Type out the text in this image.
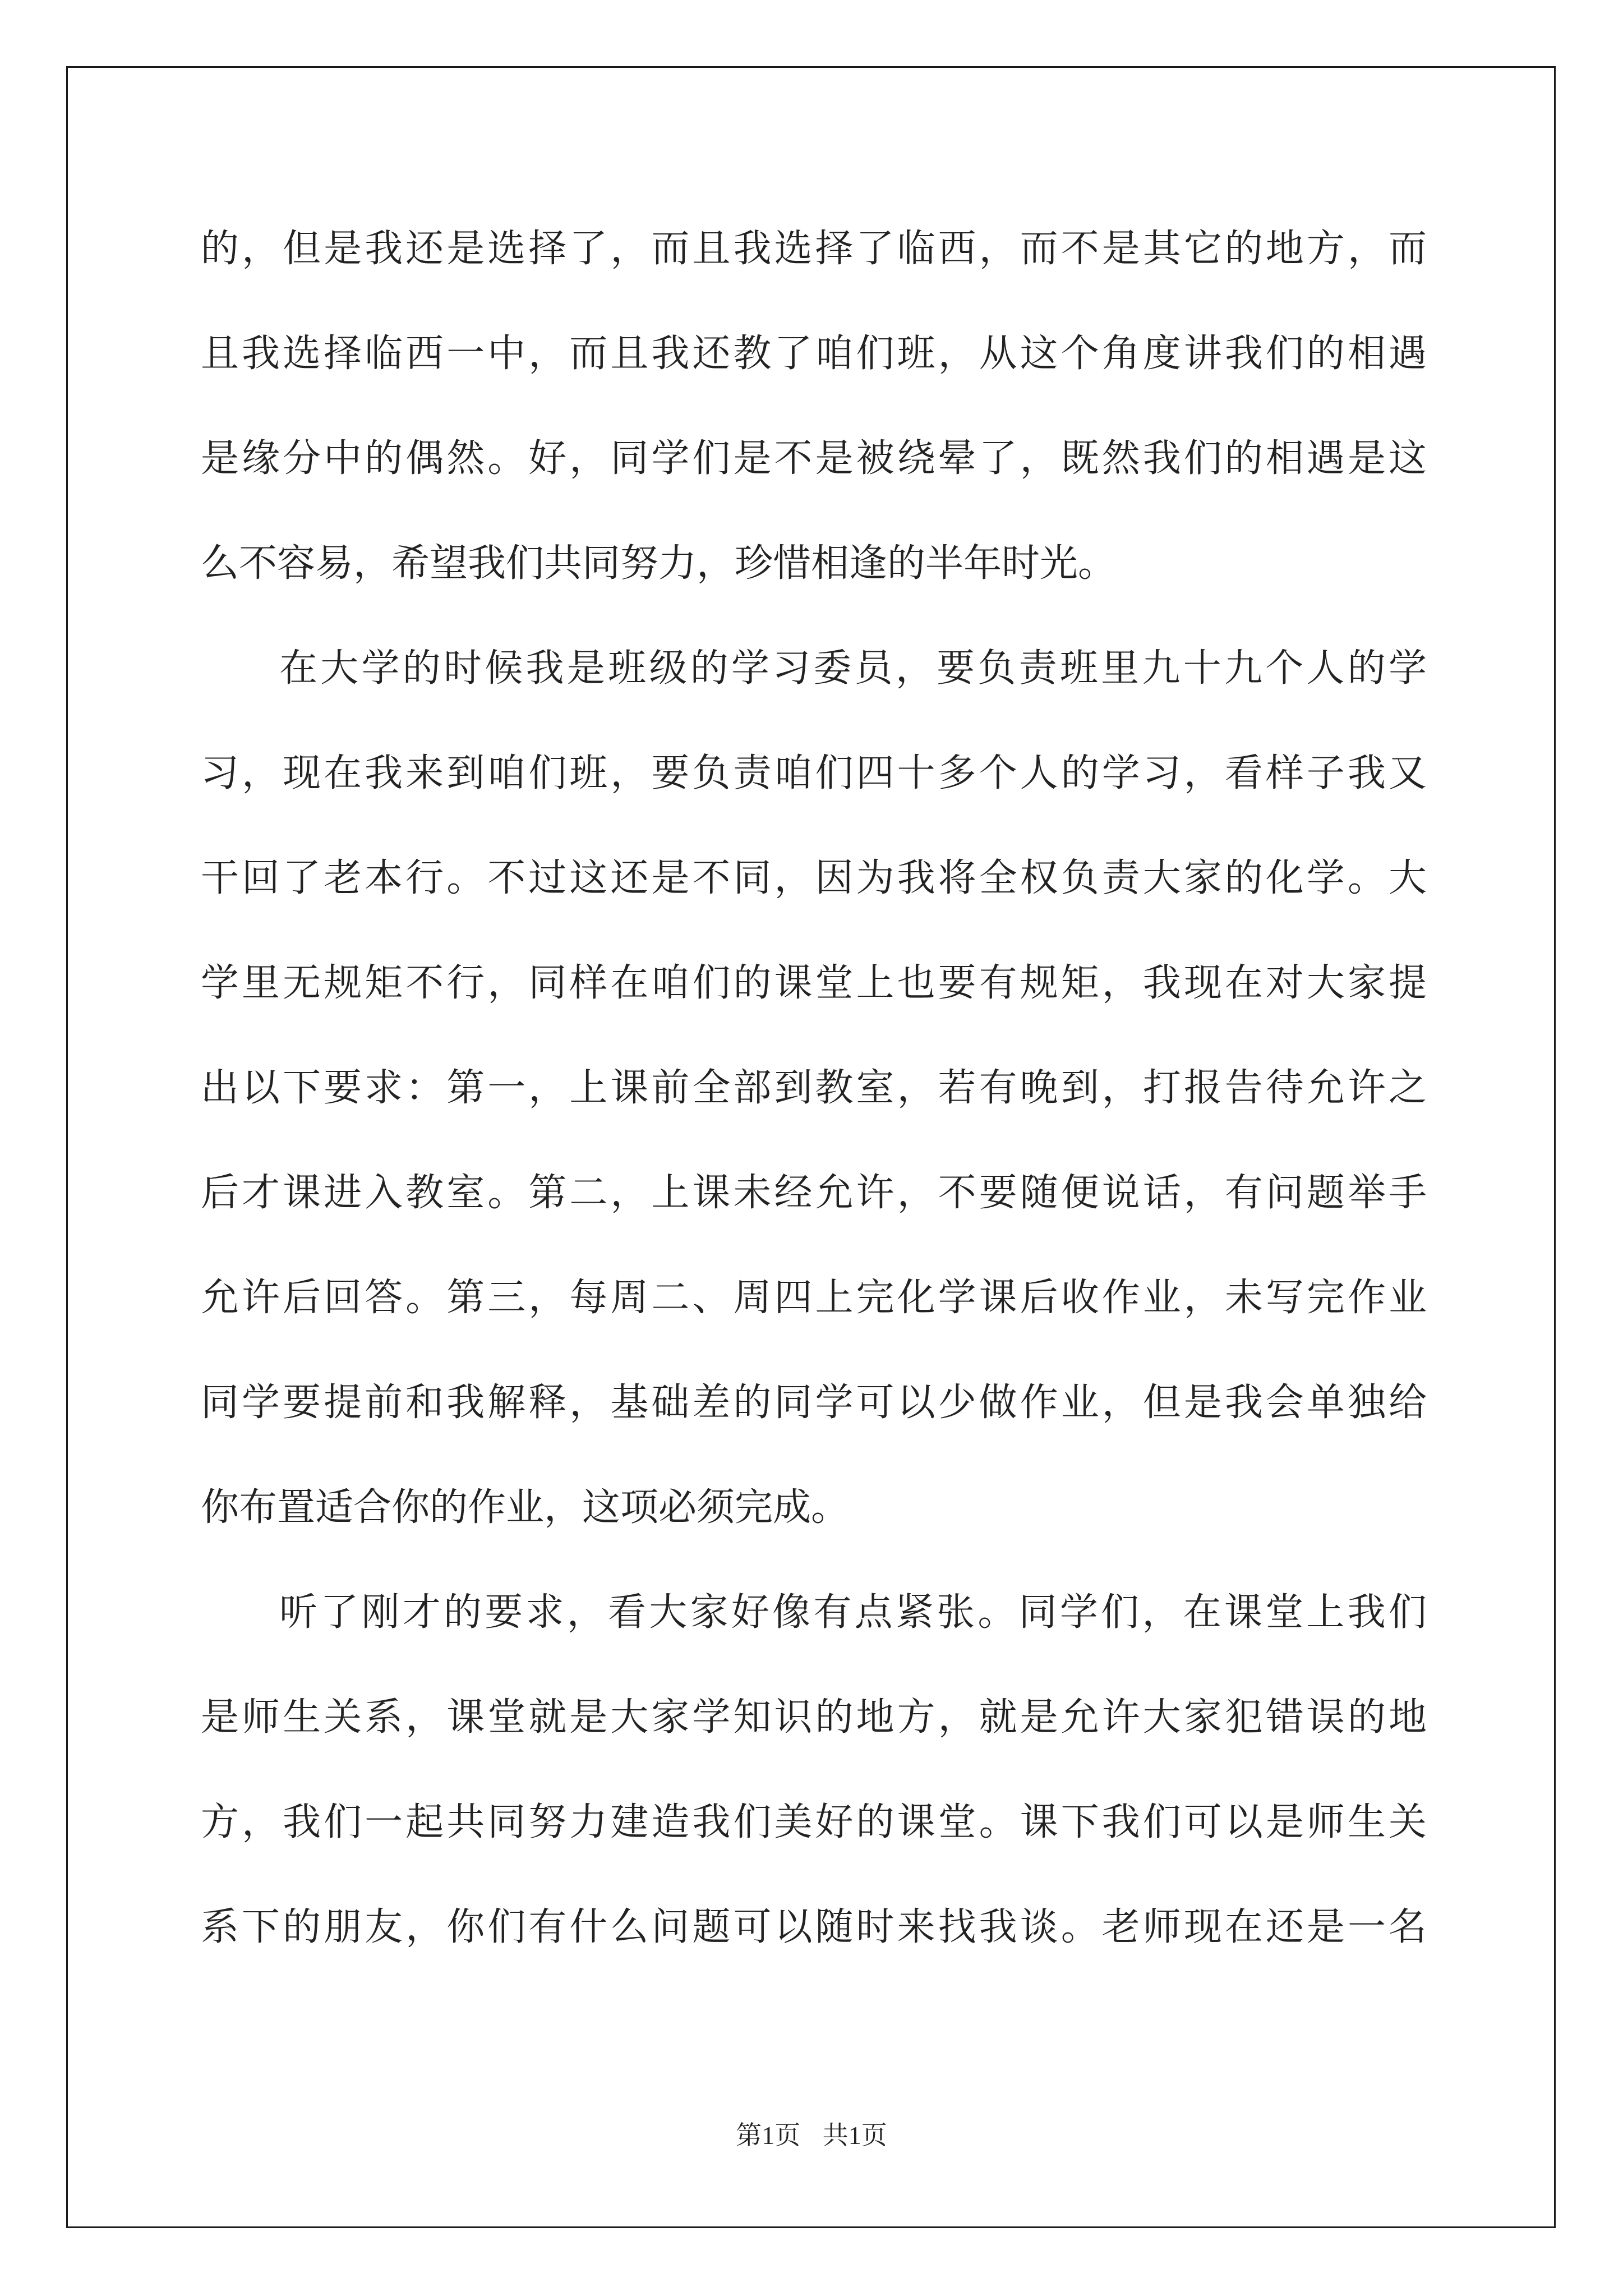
的，但是我还是选择了，而且我选择了临西，而不是其它的地方，而
且我选择临西一中，而且我还教了咱们班，从这个角度讲我们的相遇
是缘分中的偶然。好，同学们是不是被绕晕了，既然我们的相遇是这
么不容易，希望我们共同努力，珍惜相逢的半年时光。
在大学的时候我是班级的学习委员，要负责班里九十九个人的学
习，现在我来到咱们班，要负责咱们四十多个人的学习，看样子我又
干回了老本行。不过这还是不同，因为我将全权负责大家的化学。大
学里无规矩不行，同样在咱们的课堂上也要有规矩，我现在对大家提
出以下要求：第一，上课前全部到教室，若有晚到，打报告待允许之
后才课进入教室。第二，上课未经允许，不要随便说话，有问题举手
允许后回答。第三，每周二、周四上完化学课后收作业，未写完作业
同学要提前和我解释，基础差的同学可以少做作业，但是我会单独给
你布置适合你的作业，这项必须完成。
听了刚才的要求，看大家好像有点紧张。同学们，在课堂上我们
是师生关系，课堂就是大家学知识的地方，就是允许大家犯错误的地
方，我们一起共同努力建造我们美好的课堂。课下我们可以是师生关
系下的朋友，你们有什么问题可以随时来找我谈。老师现在还是一名
第1页 共1页
